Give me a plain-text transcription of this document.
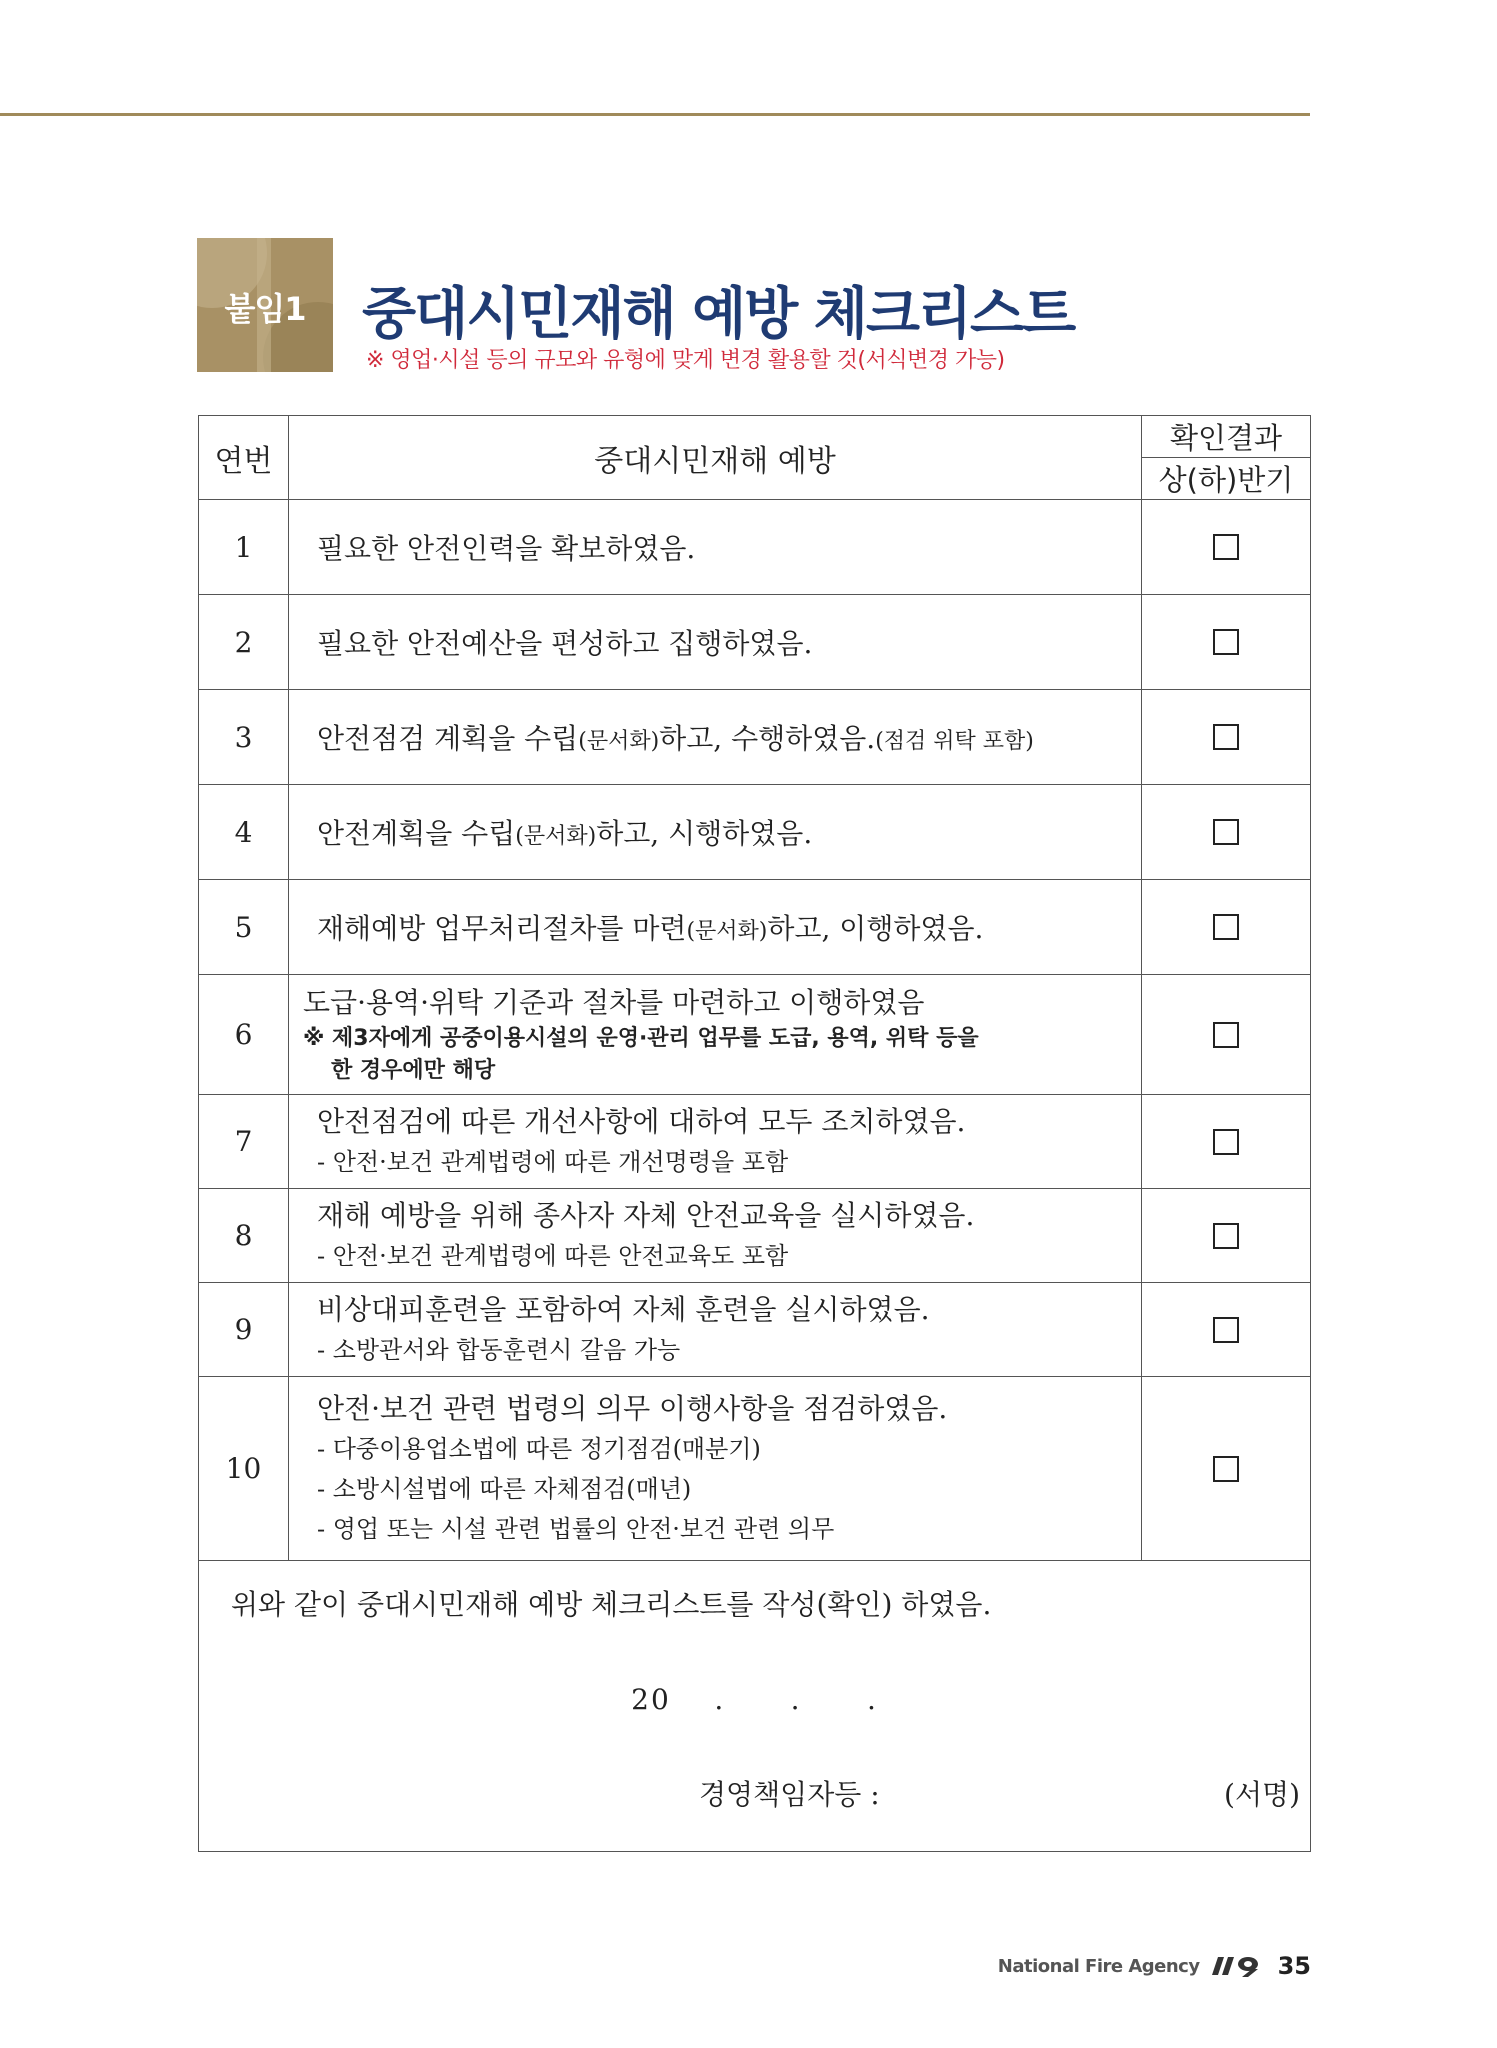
붙임1	중대시민재해 예방 체크리스트
※ 영업·시설 등의 규모와 유형에 맞게 변경 활용할 것(서식변경 가능)
연번	중대시민재해 예방	확인결과
		상(하)반기
1	필요한 안전인력을 확보하였음.	
2	필요한 안전예산을 편성하고 집행하였음.	
3	안전점검 계획을 수립(문서화)하고, 수행하였음.(점검 위탁 포함)	
4	안전계획을 수립(문서화)하고, 시행하였음.	
5	재해예방 업무처리절차를 마련(문서화)하고, 이행하였음.	
6	도급·용역·위탁 기준과 절차를 마련하고 이행하였음
※ 제3자에게 공중이용시설의 운영·관리 업무를 도급, 용역, 위탁 등을
한 경우에만 해당	

7	안전점검에 따른 개선사항에 대하여 모두 조치하였음.
- 안전·보건 관계법령에 따른 개선명령을 포함	

8	재해 예방을 위해 종사자 자체 안전교육을 실시하였음.
- 안전·보건 관계법령에 따른 안전교육도 포함	

9	비상대피훈련을 포함하여 자체 훈련을 실시하였음.
- 소방관서와 합동훈련시 갈음 가능	

10	안전·보건 관련 법령의 의무 이행사항을 점검하였음.
- 다중이용업소법에 따른 정기점검(매분기)
- 소방시설법에 따른 자체점검(매년)
- 영업 또는 시설 관련 법률의 안전·보건 관련 의무	

위와 같이 중대시민재해 예방 체크리스트를 작성(확인) 하였음.
20    .      .      .
경영책임자등 : (서명)		
National Fire Agency	35
